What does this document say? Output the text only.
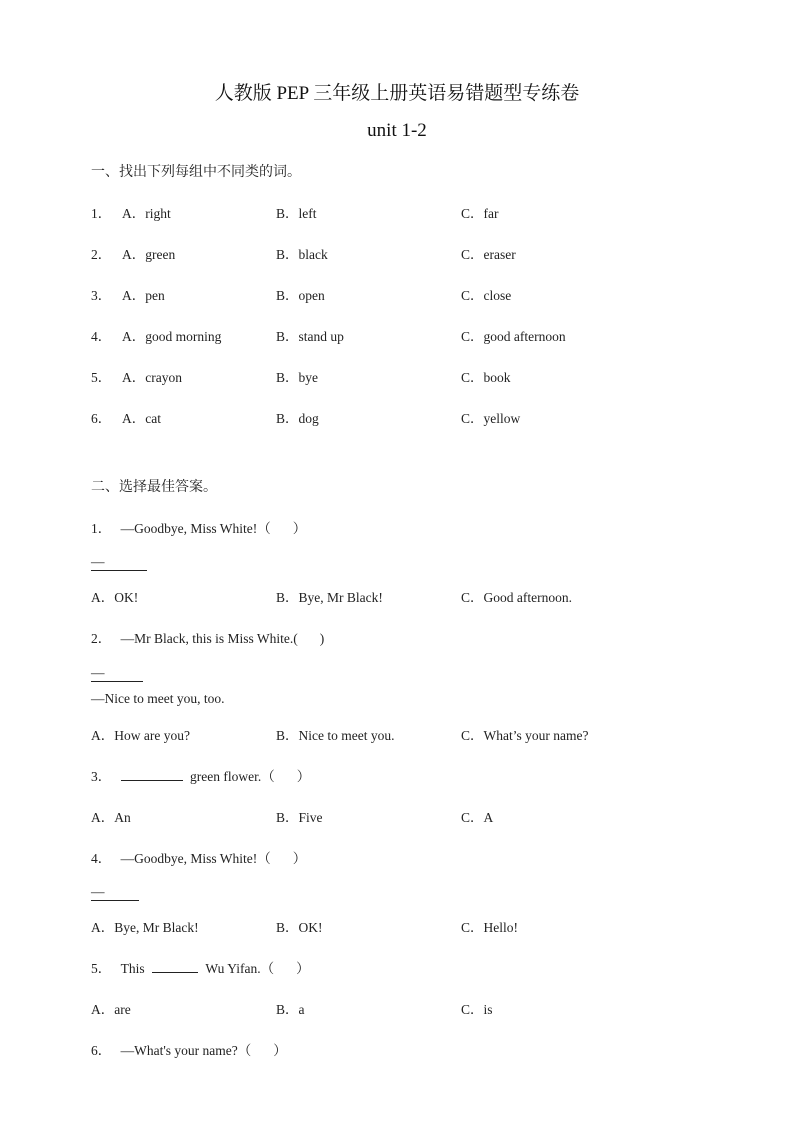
人教版 PEP 三年级上册英语易错题型专练卷
unit 1-2
一、找出下列每组中不同类的词。
1． A．right	B．left	C．far
2． A．green	B．black	C．eraser
3． A．pen	B．open	C．close
4． A．good morning	B．stand up	C．good afternoon
5． A．crayon	B．bye	C．book
6． A．cat	B．dog	C．yellow
二、选择最佳答案。
1． —Goodbye, Miss White!（ ）
—
A．OK!	B．Bye, Mr Black!	C．Good afternoon.
2． —Mr Black, this is Miss White.( )
—
—Nice to meet you, too.
A．How are you?	B．Nice to meet you.	C．What’s your name?
3．	green flower.（ ）
A．An	B．Five	C．A
4． —Goodbye, Miss White!（ ）
—
A．Bye, Mr Black!	B．OK!	C．Hello!
5． This	Wu Yifan.（ ）
A．are	B．a	C．is
6． —What's your name?（ ）
